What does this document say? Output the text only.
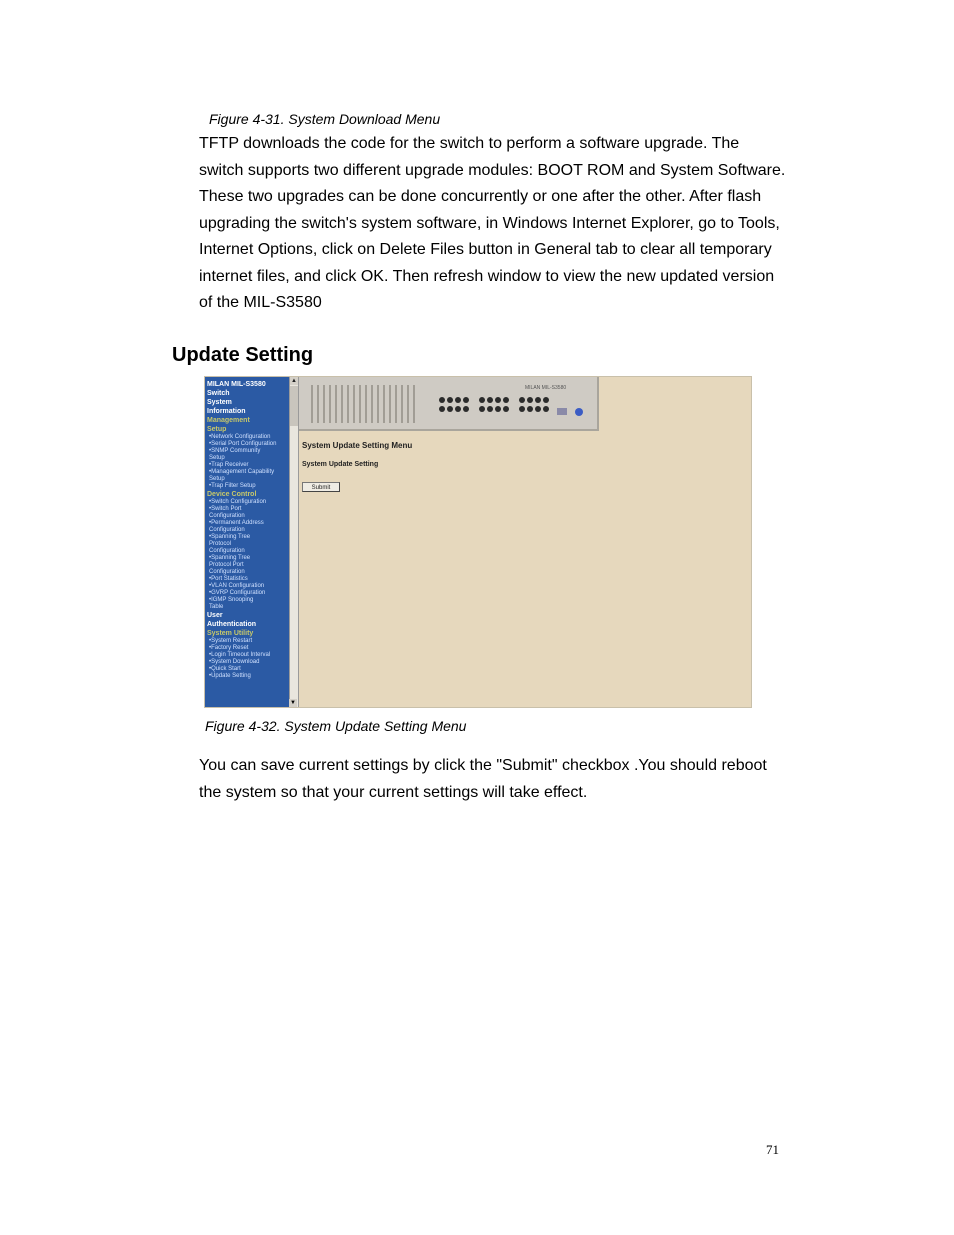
Figure 4-31. System Download Menu
TFTP downloads the code for the switch to perform a software upgrade. The
switch supports two different upgrade modules: BOOT ROM and System Software.
These two upgrades can be done concurrently or one after the other. After flash
upgrading the switch's system software, in Windows Internet Explorer, go to Tools,
Internet Options, click on Delete Files button in General tab to clear all temporary
internet files, and click OK. Then refresh window to view the new updated version
of the MIL-S3580
Update Setting
MILAN MIL-S3580
Switch
System
Information
Management
Setup
•Network Configuration
•Serial Port Configuration
•SNMP Community
Setup
•Trap Receiver
•Management Capability
Setup
•Trap Filter Setup
Device Control
•Switch Configuration
•Switch Port
Configuration
•Permanent Address
Configuration
•Spanning Tree
Protocol
Configuration
•Spanning Tree
Protocol Port
Configuration
•Port Statistics
•VLAN Configuration
•GVRP Configuration
•IGMP Snooping
Table
User
Authentication
System Utility
•System Restart
•Factory Reset
•Login Timeout Interval
•System Download
•Quick Start
•Update Setting
▲
▼
MILAN MIL-S3580
System Update Setting Menu
System Update Setting
Submit
Figure 4-32. System Update Setting Menu
You can save current settings by click the "Submit" checkbox .You should reboot
the system so that your current settings will take effect.
71
